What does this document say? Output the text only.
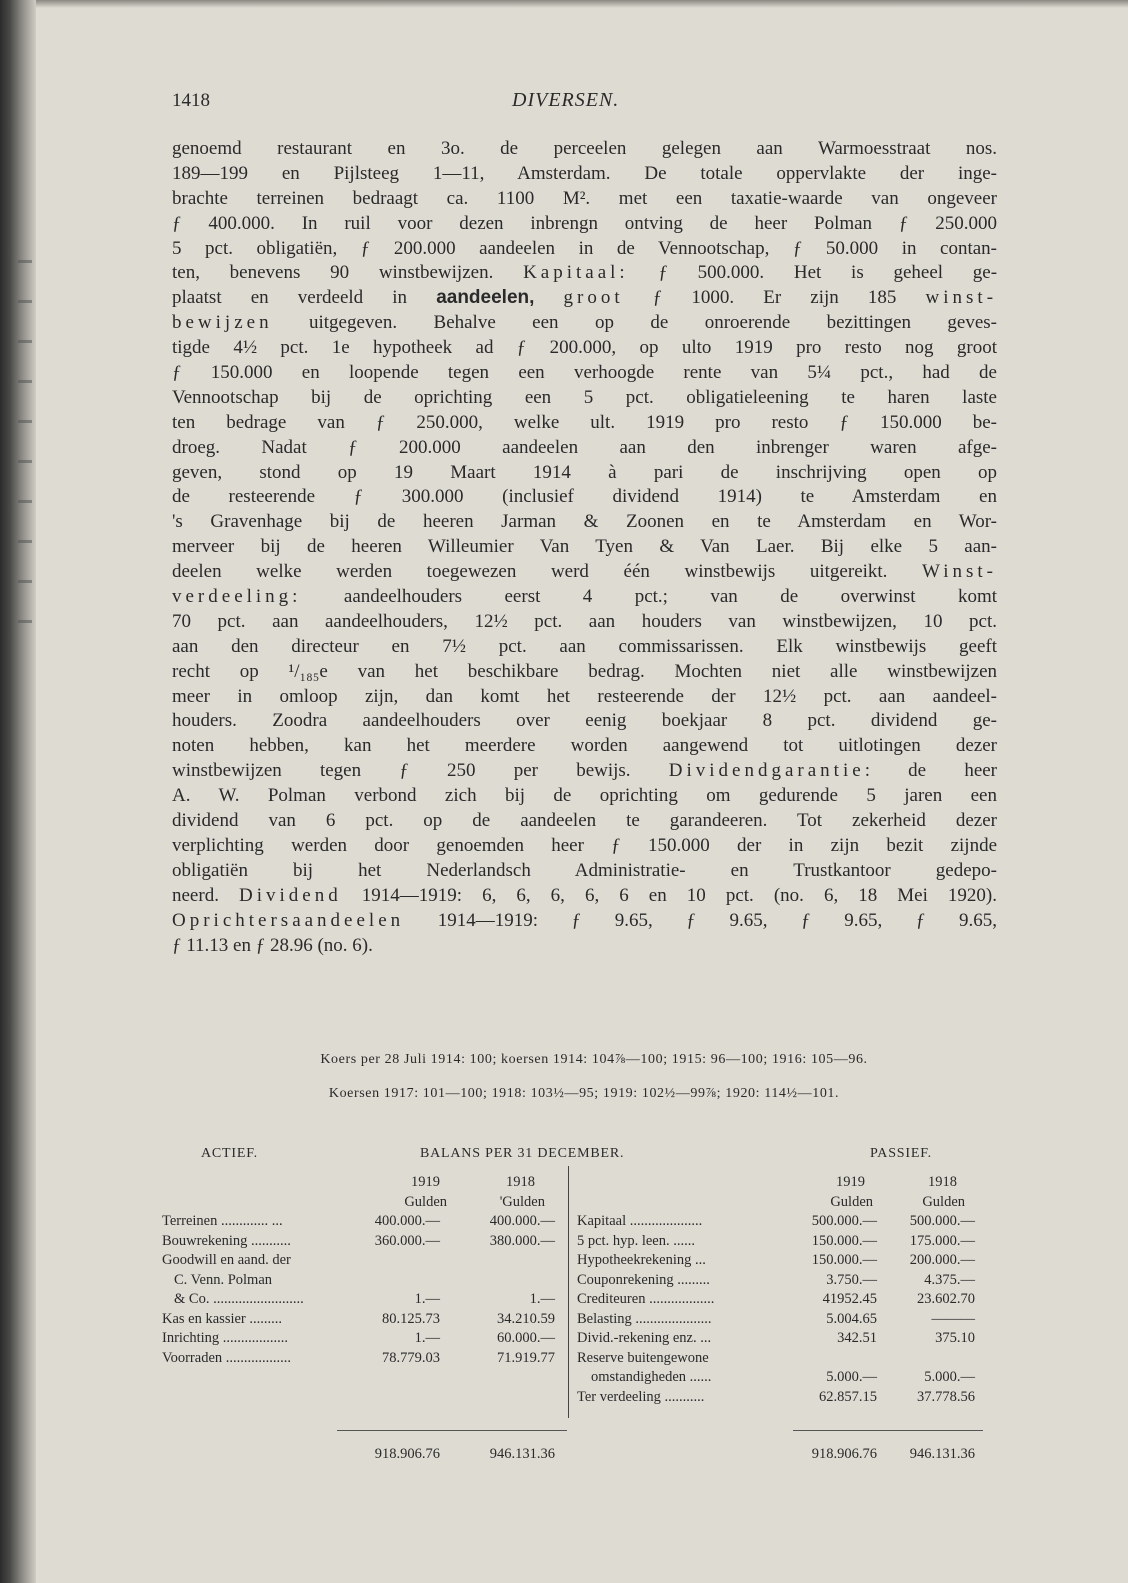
1418	DIVERSEN.
genoemd restaurant en 3o. de perceelen gelegen aan Warmoesstraat nos.
189—199 en Pijlsteeg 1—11, Amsterdam. De totale oppervlakte der inge-
brachte terreinen bedraagt ca. 1100 M². met een taxatie-waarde van ongeveer
ƒ 400.000. In ruil voor dezen inbrengn ontving de heer Polman ƒ 250.000
5 pct. obligatiën, ƒ 200.000 aandeelen in de Vennootschap, ƒ 50.000 in contan-
ten, benevens 90 winstbewijzen. Kapitaal: ƒ 500.000. Het is geheel ge-
plaatst en verdeeld in aandeelen, groot ƒ 1000. Er zijn 185 winst-
bewijzen uitgegeven. Behalve een op de onroerende bezittingen geves-
tigde 4½ pct. 1e hypotheek ad ƒ 200.000, op ulto 1919 pro resto nog groot
ƒ 150.000 en loopende tegen een verhoogde rente van 5¼ pct., had de
Vennootschap bij de oprichting een 5 pct. obligatieleening te haren laste
ten bedrage van ƒ 250.000, welke ult. 1919 pro resto ƒ 150.000 be-
droeg. Nadat ƒ 200.000 aandeelen aan den inbrenger waren afge-
geven, stond op 19 Maart 1914 à pari de inschrijving open op
de resteerende ƒ 300.000 (inclusief dividend 1914) te Amsterdam en
's Gravenhage bij de heeren Jarman & Zoonen en te Amsterdam en Wor-
merveer bij de heeren Willeumier Van Tyen & Van Laer. Bij elke 5 aan-
deelen welke werden toegewezen werd één winstbewijs uitgereikt. Winst-
verdeeling: aandeelhouders eerst 4 pct.; van de overwinst komt
70 pct. aan aandeelhouders, 12½ pct. aan houders van winstbewijzen, 10 pct.
aan den directeur en 7½ pct. aan commissarissen. Elk winstbewijs geeft
recht op ¹/₁₈₅e van het beschikbare bedrag. Mochten niet alle winstbewijzen
meer in omloop zijn, dan komt het resteerende der 12½ pct. aan aandeel-
houders. Zoodra aandeelhouders over eenig boekjaar 8 pct. dividend ge-
noten hebben, kan het meerdere worden aangewend tot uitlotingen dezer
winstbewijzen tegen ƒ 250 per bewijs. Dividendgarantie: de heer
A. W. Polman verbond zich bij de oprichting om gedurende 5 jaren een
dividend van 6 pct. op de aandeelen te garandeeren. Tot zekerheid dezer
verplichting werden door genoemden heer ƒ 150.000 der in zijn bezit zijnde
obligatiën bij het Nederlandsch Administratie- en Trustkantoor gedepo-
neerd. Dividend 1914—1919: 6, 6, 6, 6, 6 en 10 pct. (no. 6, 18 Mei 1920).
Oprichtersaandeelen 1914—1919: ƒ 9.65, ƒ 9.65, ƒ 9.65, ƒ 9.65,
ƒ 11.13 en ƒ 28.96 (no. 6).
Koers per 28 Juli 1914: 100; koersen 1914: 104⅞—100; 1915: 96—100; 1916: 105—96.
Koersen 1917: 101—100; 1918: 103½—95; 1919: 102½—99⅞; 1920: 114½—101.
ACTIEF.	BALANS PER 31 DECEMBER.	PASSIEF.
1919	1918
Gulden	'Gulden
Terreinen ............. ...	400.000.—	400.000.—
Bouwrekening ...........	360.000.—	380.000.—
Goodwill en aand. der
C. Venn. Polman
& Co. .........................	1.—	1.—
Kas en kassier .........	80.125.73	34.210.59
Inrichting ..................	1.—	60.000.—
Voorraden ..................	78.779.03	71.919.77
1919	1918
Gulden	Gulden
Kapitaal ....................	500.000.—	500.000.—
5 pct. hyp. leen. ......	150.000.—	175.000.—
Hypotheekrekening ...	150.000.—	200.000.—
Couponrekening .........	3.750.—	4.375.—
Crediteuren ..................	41952.45	23.602.70
Belasting .....................	5.004.65	———
Divid.-rekening enz. ...	342.51	375.10
Reserve buitengewone
omstandigheden ......	5.000.—	5.000.—
Ter verdeeling ...........	62.857.15	37.778.56
918.906.76	946.131.36	918.906.76	946.131.36
